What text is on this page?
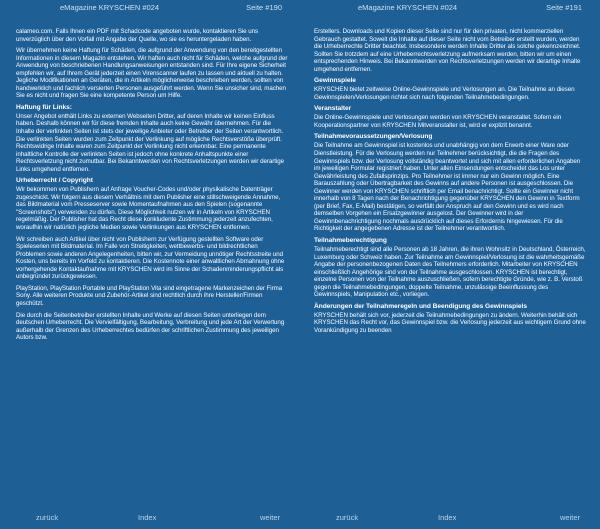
eMagazine KRYSCHEN #024	Seite #190

calameo.com. Falls Ihnen ein PDF mit Schadcode angeboten wurde, kontaktieren Sie uns unverzüglich über den Vorfall mit Angabe der Quelle, wo sie es heruntergeladen haben.

Wir übernehmen keine Haftung für Schäden, die aufgrund der Anwendung von den bereitgestellten Informationen in diesem Magazin entstehen. Wir haften auch nicht für Schäden, welche aufgrund der Anwendung von beschriebenen Handlungsanweisungen entstanden sind. Für Ihre eigene Sicherheit empfehlen wir, auf Ihrem Gerät jederzeit einen Virenscanner laufen zu lassen und aktuell zu halten. Jegliche Modifikationen an Geräten, die in Artikeln möglicherweise beschrieben werden, sollten von handwerklich und fachlich versierten Personen ausgeführt werden. Wenn Sie unsicher sind, machen Sie es nicht und fragen Sie eine kompetente Person um Hilfe.

Haftung für Links:

Unser Angebot enthält Links zu externen Webseiten Dritter, auf deren Inhalte wir keinen Einfluss haben. Deshalb können wir für diese fremden Inhalte auch keine Gewähr übernehmen. Für die Inhalte der verlinkten Seiten ist stets der jeweilige Anbieter oder Betreiber der Seiten verantwortlich. Die verlinkten Seiten wurden zum Zeitpunkt der Verlinkung auf mögliche Rechtsverstöße überprüft. Rechtswidrige Inhalte waren zum Zeitpunkt der Verlinkung nicht erkennbar. Eine permanente inhaltliche Kontrolle der verlinkten Seiten ist jedoch ohne konkrete Anhaltspunkte einer Rechtsverletzung nicht zumutbar. Bei Bekanntwerden von Rechtsverletzungen werden wir derartige Links umgehend entfernen.

Urheberrecht / Copyright

Wir bekommen von Publishern auf Anfrage Voucher-Codes und/oder physikalische Datenträger zugeschickt. Wir folgern aus diesem Verhältnis mit dem Publisher eine stillschweigende Annahme, das Bildmaterial vom Presseserver sowie Momentaufnahmen aus den Spielen (sogenannte "Screenshots") verwenden zu dürfen. Diese Möglichkeit nutzen wir in Artikeln von KRYSCHEN regelmäßig. Der Publisher hat das Recht diese konkludente Zustimmung jederzeit anzufechten, woraufhin wir natürlich jegliche Medien sowie Verlinkungen aus KRYSCHEN entfernen.

Wir schreiben auch Artikel über nicht von Publishern zur Verfügung gestellten Software oder Spieleserien mit Bildmaterial. Im Falle von Streitigkeiten, wettbewerbs- und bildrechtlichen Problemen sowie anderen Angelegenheiten, bitten wir, zur Vermeidung unnötiger Rechtsstreite und Kosten, uns bereits im Vorfeld zu kontaktieren. Die Kostennote einer anwaltlichen Abmahnung ohne vorhergehende Kontaktaufnahme mit KRYSCHEN wird im Sinne der Schadenminderungspflicht als unbegründet zurückgewiesen.

PlayStation, PlayStation Portable und PlayStation Vita sind eingetragene Markenzeichen der Firma Sony. Alle weiteren Produkte und Zubehör-Artikel sind rechtlich durch ihre Hersteller/Firmen geschützt.

Die durch die Seitenbetreiber erstellten Inhalte und Werke auf diesen Seiten unterliegen dem deutschen Urheberrecht. Die Vervielfältigung, Bearbeitung, Verbreitung und jede Art der Verwertung außerhalb der Grenzen des Urheberrechtes bedürfen der schriftlichen Zustimmung des jeweiligen Autors bzw.

zurück	Index	weiter
eMagazine KRYSCHEN #024	Seite #191

Erstellers. Downloads und Kopien dieser Seite sind nur für den privaten, nicht kommerziellen Gebrauch gestattet. Soweit die Inhalte auf dieser Seite nicht vom Betreiber erstellt wurden, werden die Urheberrechte Dritter beachtet. Insbesondere werden Inhalte Dritter als solche gekennzeichnet. Sollten Sie trotzdem auf eine Urheberrechtsverletzung aufmerksam werden, bitten wir um einen entsprechenden Hinweis. Bei Bekanntwerden von Rechtsverletzungen werden wir derartige Inhalte umgehend entfernen.

Gewinnspiele

KRYSCHEN bietet zeitweise Online-Gewinnspiele und Verlosungen an. Die Teilnahme an diesen Gewinnspielen/Verlosungen richtet sich nach folgenden Teilnahmebedingungen.

Veranstalter

Die Online-Gewinnspiele und Verlosungen werden von KRYSCHEN veranstaltet. Sofern ein Kooperationspartner von KRYSCHEN Mitveranstalter ist, wird er explizit benannt.

Teilnahmevoraussetzungen/Verlosung

Die Teilnahme am Gewinnspiel ist kostenlos und unabhängig von dem Erwerb einer Ware oder Dienstleistung. Für die Verlosung werden nur Teilnehmer berücksichtigt, die die Fragen des Gewinnspiels bzw. der Verlosung vollständig beantwortet und sich mit allen erforderlichen Angaben im jeweiligen Formular registriert haben. Unter allen Einsendungen entscheidet das Los unter Gewährleistung des Zufallsprinzips. Pro Teilnehmer ist immer nur ein Gewinn möglich. Eine Barauszahlung oder Übertragbarkeit des Gewinns auf andere Personen ist ausgeschlossen. Die Gewinner werden von KRYSCHEN schriftlich per Email benachrichtigt. Sollte ein Gewinner nicht innerhalb von 8 Tagen nach der Benachrichtigung gegenüber KRYSCHEN den Gewinn in Textform (per Brief, Fax, E-Mail) bestätigen, so verfällt der Anspruch auf den Gewinn und es wird nach demselben Vorgehen ein Ersatzgewinner ausgelost. Der Gewinner wird in der Gewinnbenachrichtigung nochmals ausdrücklich auf dieses Erfordernis hingewiesen. Für die Richtigkeit der angegebenen Adresse ist der Teilnehmer verantwortlich.

Teilnahmeberechtigung

Teilnahmeberechtigt sind alle Personen ab 18 Jahren, die ihren Wohnsitz in Deutschland, Österreich, Luxemburg oder Schweiz haben. Zur Teilnahme am Gewinnspiel/Verlosung ist die wahrheitsgemäße Angabe der personenbezogenen Daten des Teilnehmers erforderlich. Mitarbeiter von KRYSCHEN einschließlich Angehörige sind von der Teilnahme ausgeschlossen. KRYSCHEN ist berechtigt, einzelne Personen von der Teilnahme auszuschließen, sofern berechtigte Gründe, wie z. B. Verstoß gegen die Teilnahmebedingungen, doppelte Teilnahme, unzulässige Beeinflussung des Gewinnspiels, Manipulation etc., vorliegen.

Änderungen der Teilnahmeregeln und Beendigung des Gewinnspiels

KRYSCHEN behält sich vor, jederzeit die Teilnahmebedingungen zu ändern. Weiterhin behält sich KRYSCHEN das Recht vor, das Gewinnspiel bzw. die Verlosung jederzeit aus wichtigem Grund ohne Vorankündigung zu beenden

zurück	Index	weiter
